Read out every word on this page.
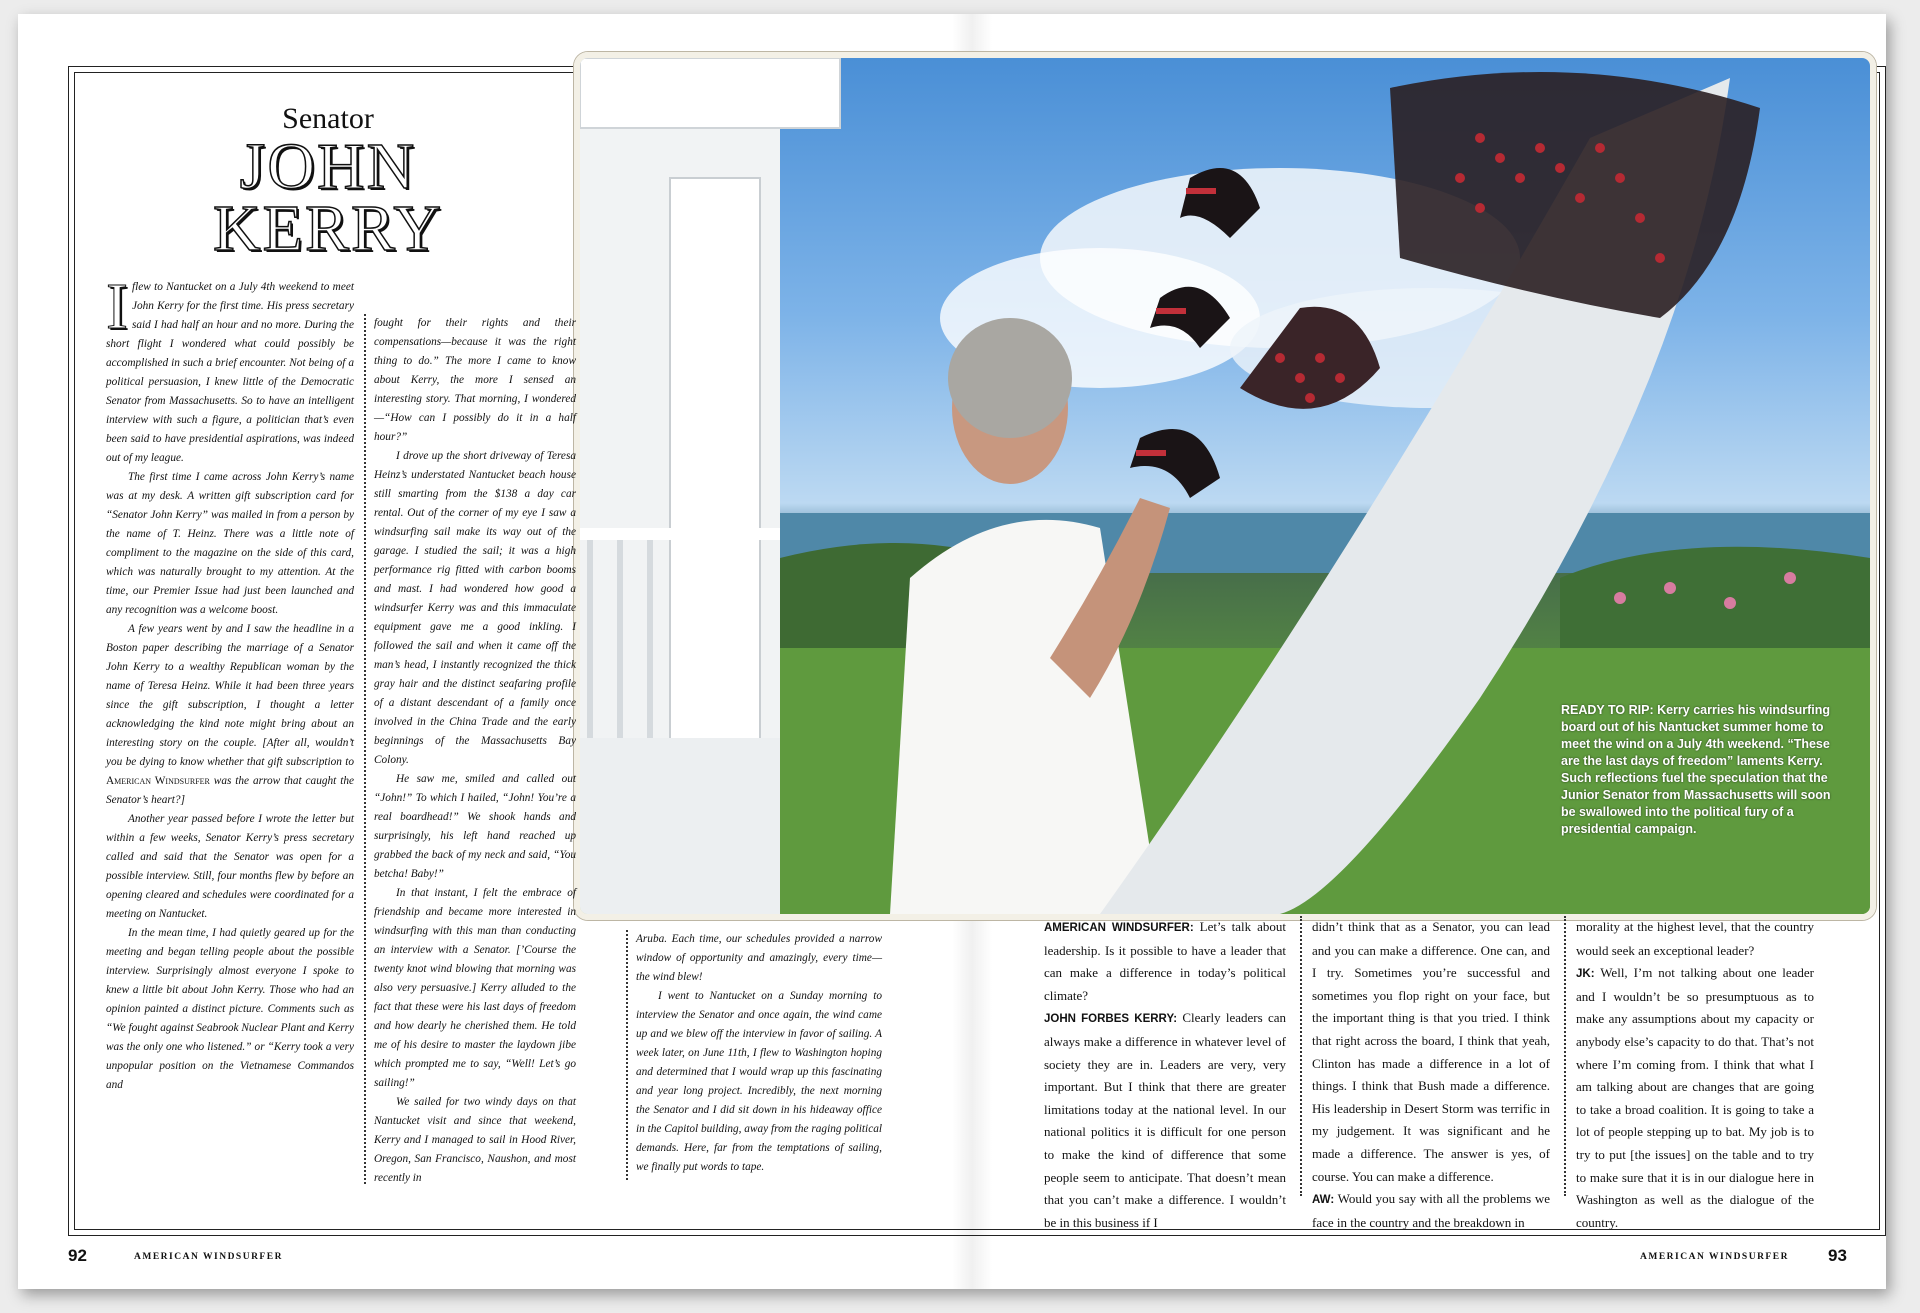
READY TO RIP: Kerry carries his windsurfing board out of his Nantucket summer home to meet the wind on a July 4th weekend. “These are the last days of freedom” laments Kerry. Such reflections fuel the speculation that the Junior Senator from Massachusetts will soon be swallowed into the political fury of a presidential campaign.
Senator
JOHN
KERRY

Iflew to Nantucket on a July 4th weekend to meet John Kerry for the first time. His press secretary said I had half an hour and no more. During the short flight I wondered what could possibly be accomplished in such a brief encounter. Not being of a political persuasion, I knew little of the Democratic Senator from Massachusetts. So to have an intelligent interview with such a figure, a politician that’s even been said to have presidential aspirations, was indeed out of my league.

The first time I came across John Kerry’s name was at my desk. A written gift subscription card for “Senator John Kerry” was mailed in from a person by the name of T. Heinz. There was a little note of compliment to the magazine on the side of this card, which was naturally brought to my attention. At the time, our Premier Issue had just been launched and any recognition was a welcome boost.

A few years went by and I saw the headline in a Boston paper describing the marriage of a Senator John Kerry to a wealthy Republican woman by the name of Teresa Heinz. While it had been three years since the gift subscription, I thought a letter acknowledging the kind note might bring about an interesting story on the couple. [After all, wouldn’t you be dying to know whether that gift subscription to American Windsurfer was the arrow that caught the Senator’s heart?]

Another year passed before I wrote the letter but within a few weeks, Senator Kerry’s press secretary called and said that the Senator was open for a possible interview. Still, four months flew by before an opening cleared and schedules were coordinated for a meeting on Nantucket.

In the mean time, I had quietly geared up for the meeting and began telling people about the possible interview. Surprisingly almost everyone I spoke to knew a little bit about John Kerry. Those who had an opinion painted a distinct picture. Comments such as “We fought against Seabrook Nuclear Plant and Kerry was the only one who listened.” or “Kerry took a very unpopular position on the Vietnamese Commandos and

fought for their rights and their compensations—because it was the right thing to do.” The more I came to know about Kerry, the more I sensed an interesting story. That morning, I wondered—“How can I possibly do it in a half hour?”

I drove up the short driveway of Teresa Heinz’s understated Nantucket beach house still smarting from the $138 a day car rental. Out of the corner of my eye I saw a windsurfing sail make its way out of the garage. I studied the sail; it was a high performance rig fitted with carbon booms and mast. I had wondered how good a windsurfer Kerry was and this immaculate equipment gave me a good inkling. I followed the sail and when it came off the man’s head, I instantly recognized the thick gray hair and the distinct seafaring profile of a distant descendant of a family once involved in the China Trade and the early beginnings of the Massachusetts Bay Colony.

He saw me, smiled and called out “John!” To which I hailed, “John! You’re a real boardhead!” We shook hands and surprisingly, his left hand reached up grabbed the back of my neck and said, “You betcha! Baby!”

In that instant, I felt the embrace of friendship and became more interested in windsurfing with this man than conducting an interview with a Senator. [’Course the twenty knot wind blowing that morning was also very persuasive.] Kerry alluded to the fact that these were his last days of freedom and how dearly he cherished them. He told me of his desire to master the laydown jibe which prompted me to say, “Well! Let’s go sailing!”

We sailed for two windy days on that Nantucket visit and since that weekend, Kerry and I managed to sail in Hood River, Oregon, San Francisco, Naushon, and most recently in

Aruba. Each time, our schedules provided a narrow window of opportunity and amazingly, every time—the wind blew!

I went to Nantucket on a Sunday morning to interview the Senator and once again, the wind came up and we blew off the interview in favor of sailing. A week later, on June 11th, I flew to Washington hoping and determined that I would wrap up this fascinating and year long project. Incredibly, the next morning the Senator and I did sit down in his hideaway office in the Capitol building, away from the raging political demands. Here, far from the temptations of sailing, we finally put words to tape.

AMERICAN WINDSURFER: Let’s talk about leadership. Is it possible to have a leader that can make a difference in today’s political climate?

JOHN FORBES KERRY: Clearly leaders can always make a difference in whatever level of society they are in. Leaders are very, very important. But I think that there are greater limitations today at the national level. In our national politics it is difficult for one person to make the kind of difference that some people seem to anticipate. That doesn’t mean that you can’t make a difference. I wouldn’t be in this business if I

didn’t think that as a Senator, you can lead and you can make a difference. One can, and I try. Sometimes you’re successful and sometimes you flop right on your face, but the important thing is that you tried. I think that right across the board, I think that yeah, Clinton has made a difference in a lot of things. I think that Bush made a difference. His leadership in Desert Storm was terrific in my judgement. It was significant and he made a difference. The answer is yes, of course. You can make a difference.

AW: Would you say with all the problems we face in the country and the breakdown in

morality at the highest level, that the country would seek an exceptional leader?

JK: Well, I’m not talking about one leader and I wouldn’t be so presumptuous as to make any assumptions about my capacity or anybody else’s capacity to do that. That’s not where I’m coming from. I think that what I am talking about are changes that are going to take a broad coalition. It is going to take a lot of people stepping up to bat. My job is to try to put [the issues] on the table and to try to make sure that it is in our dialogue here in Washington as well as the dialogue of the country.

92	AMERICAN WINDSURFER	AMERICAN WINDSURFER 93
